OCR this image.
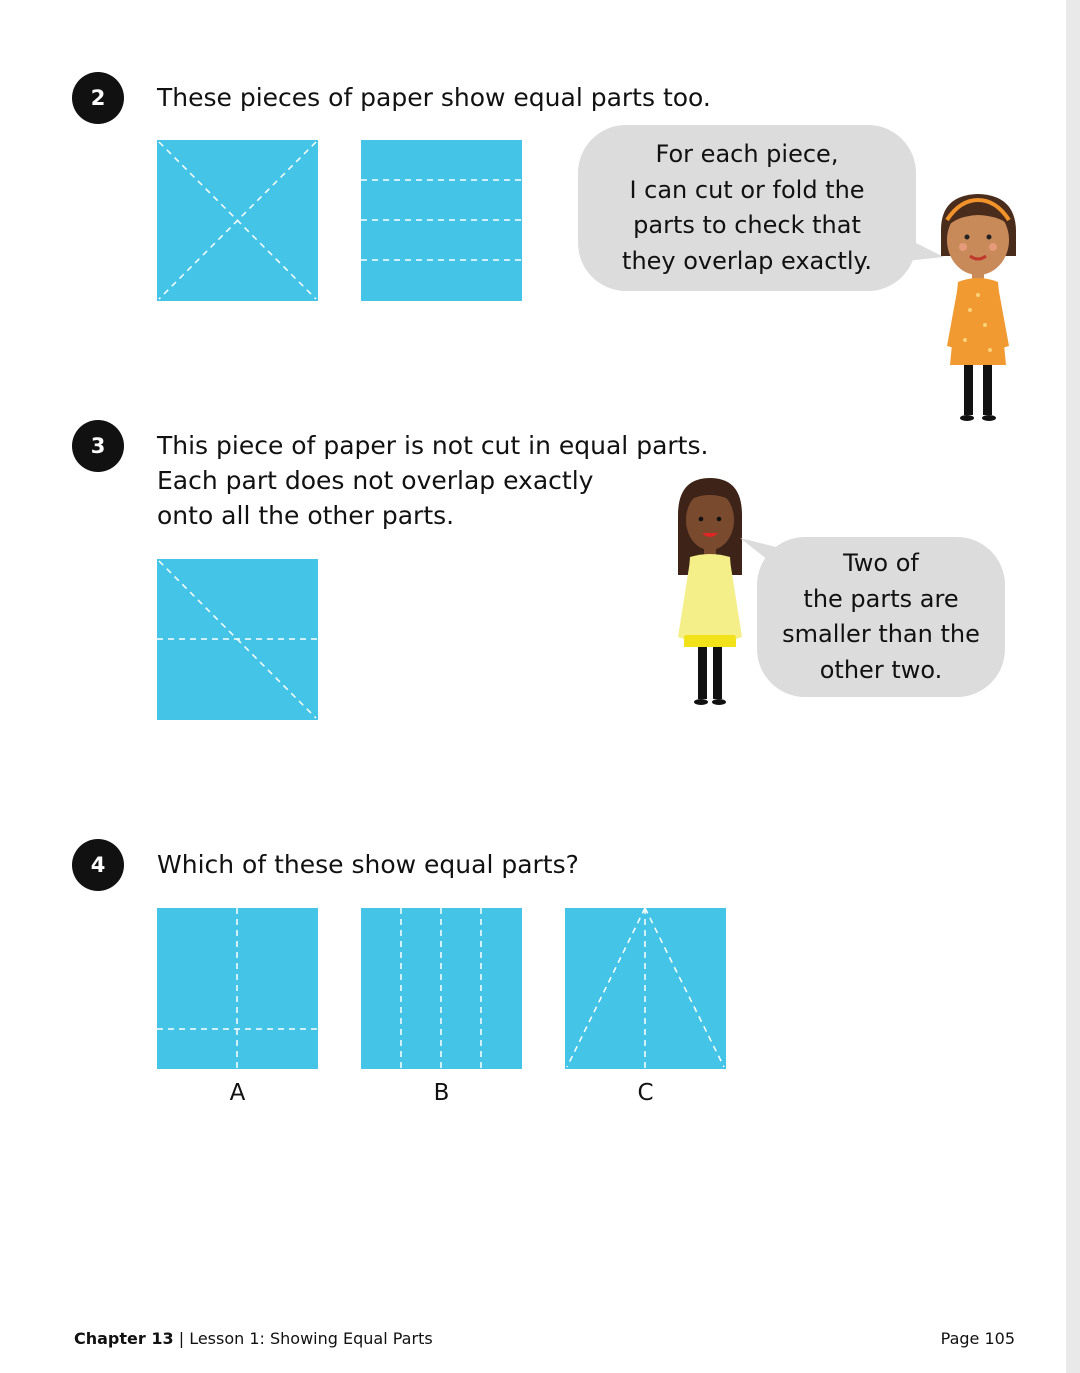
2	These pieces of paper show equal parts too.
For each piece,
I can cut or fold the
parts to check that
they overlap exactly.
3	This piece of paper is not cut in equal parts.
Each part does not overlap exactly
onto all the other parts.
Two of
the parts are
smaller than the
other two.
4	Which of these show equal parts?
A	B	C
Chapter 13 | Lesson 1: Showing Equal Parts	Page 105
